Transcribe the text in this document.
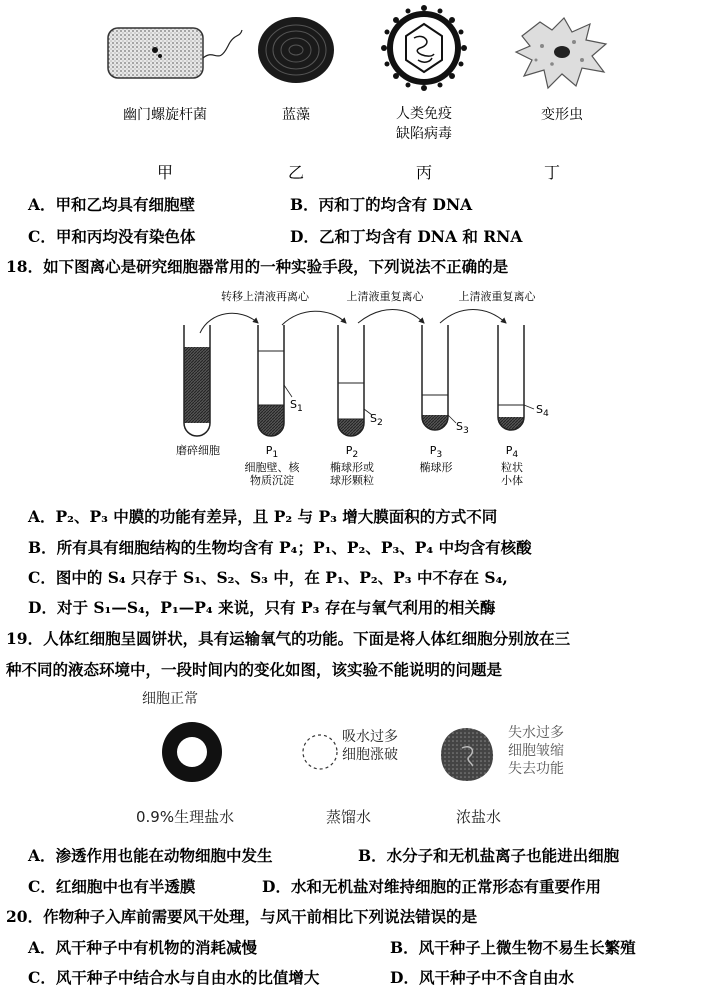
幽门螺旋杆菌	蓝藻	人类免疫
缺陷病毒
变形虫
甲	乙	丙	丁
A．甲和乙均具有细胞壁	B．丙和丁的均含有 DNA
C．甲和丙均没有染色体	D．乙和丁均含有 DNA 和 RNA
18．如下图离心是研究细胞器常用的一种实验手段，下列说法不正确的是
转移上清液再离心	上清液重复离心	上清液重复离心
$S_1$
$S_2$	$S_3$
$S_4$
磨碎细胞	$P_1$
细胞壁、核
物质沉淀
$P_2$
椭球形或
球形颗粒
$P_3$
椭球形
$P_4$
粒状
小体
A．P₂、P₃ 中膜的功能有差异，且 P₂ 与 P₃ 增大膜面积的方式不同
B．所有具有细胞结构的生物均含有 P₄；P₁、P₂、P₃、P₄ 中均含有核酸
C．图中的 S₄ 只存于 S₁、S₂、S₃ 中，在 P₁、P₂、P₃ 中不存在 S₄,
D．对于 S₁—S₄，P₁—P₄ 来说，只有 P₃ 存在与氧气利用的相关酶
19．人体红细胞呈圆饼状，具有运输氧气的功能。下面是将人体红细胞分别放在三
种不同的液态环境中，一段时间内的变化如图，该实验不能说明的问题是
细胞正常
吸水过多
细胞涨破
失水过多
细胞皱缩
失去功能
0.9%生理盐水	蒸馏水	浓盐水
A．渗透作用也能在动物细胞中发生	B．水分子和无机盐离子也能进出细胞
C．红细胞中也有半透膜	D．水和无机盐对维持细胞的正常形态有重要作用
20．作物种子入库前需要风干处理，与风干前相比下列说法错误的是
A．风干种子中有机物的消耗减慢	B．风干种子上微生物不易生长繁殖
C．风干种子中结合水与自由水的比值增大	D．风干种子中不含自由水
